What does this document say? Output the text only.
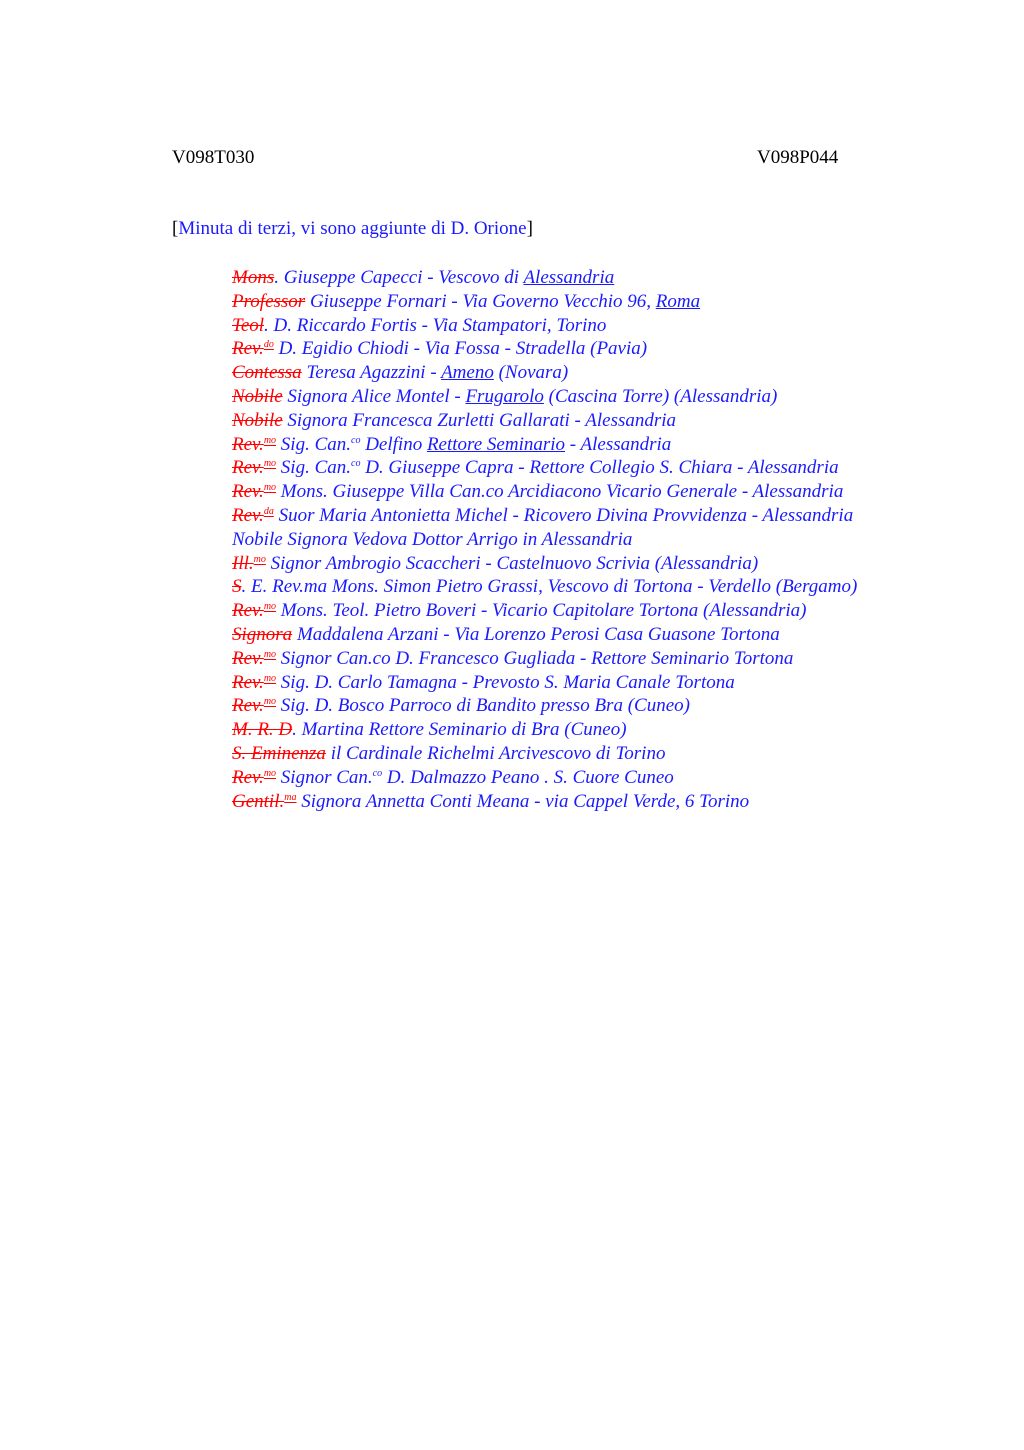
V098T030	V098P044
[Minuta di terzi, vi sono aggiunte di D. Orione]
Mons. Giuseppe Capecci - Vescovo di Alessandria
Professor Giuseppe Fornari - Via Governo Vecchio 96, Roma
Teol. D. Riccardo Fortis - Via Stampatori, Torino
Rev.$^{do}$ D. Egidio Chiodi - Via Fossa - Stradella (Pavia)
Contessa Teresa Agazzini - Ameno (Novara)
Nobile Signora Alice Montel - Frugarolo (Cascina Torre) (Alessandria)
Nobile Signora Francesca Zurletti Gallarati - Alessandria
Rev.$^{mo}$ Sig. Can.$^{co}$ Delfino Rettore Seminario - Alessandria
Rev.$^{mo}$ Sig. Can.$^{co}$ D. Giuseppe Capra - Rettore Collegio S. Chiara - Alessandria
Rev.$^{mo}$ Mons. Giuseppe Villa Can.co Arcidiacono Vicario Generale - Alessandria
Rev.$^{da}$ Suor Maria Antonietta Michel - Ricovero Divina Provvidenza - Alessandria
Nobile Signora Vedova Dottor Arrigo in Alessandria
Ill.$^{mo}$ Signor Ambrogio Scaccheri - Castelnuovo Scrivia (Alessandria)
S. E. Rev.ma Mons. Simon Pietro Grassi, Vescovo di Tortona - Verdello (Bergamo)
Rev.$^{mo}$ Mons. Teol. Pietro Boveri - Vicario Capitolare Tortona (Alessandria)
Signora Maddalena Arzani - Via Lorenzo Perosi Casa Guasone Tortona
Rev.$^{mo}$ Signor Can.co D. Francesco Gugliada - Rettore Seminario Tortona
Rev.$^{mo}$ Sig. D. Carlo Tamagna - Prevosto S. Maria Canale Tortona
Rev.$^{mo}$ Sig. D. Bosco Parroco di Bandito presso Bra (Cuneo)
M. R. D. Martina Rettore Seminario di Bra (Cuneo)
S. Eminenza il Cardinale Richelmi Arcivescovo di Torino
Rev.$^{mo}$ Signor Can.$^{co}$ D. Dalmazzo Peano . S. Cuore Cuneo
Gentil.$^{ma}$ Signora Annetta Conti Meana - via Cappel Verde, 6 Torino
